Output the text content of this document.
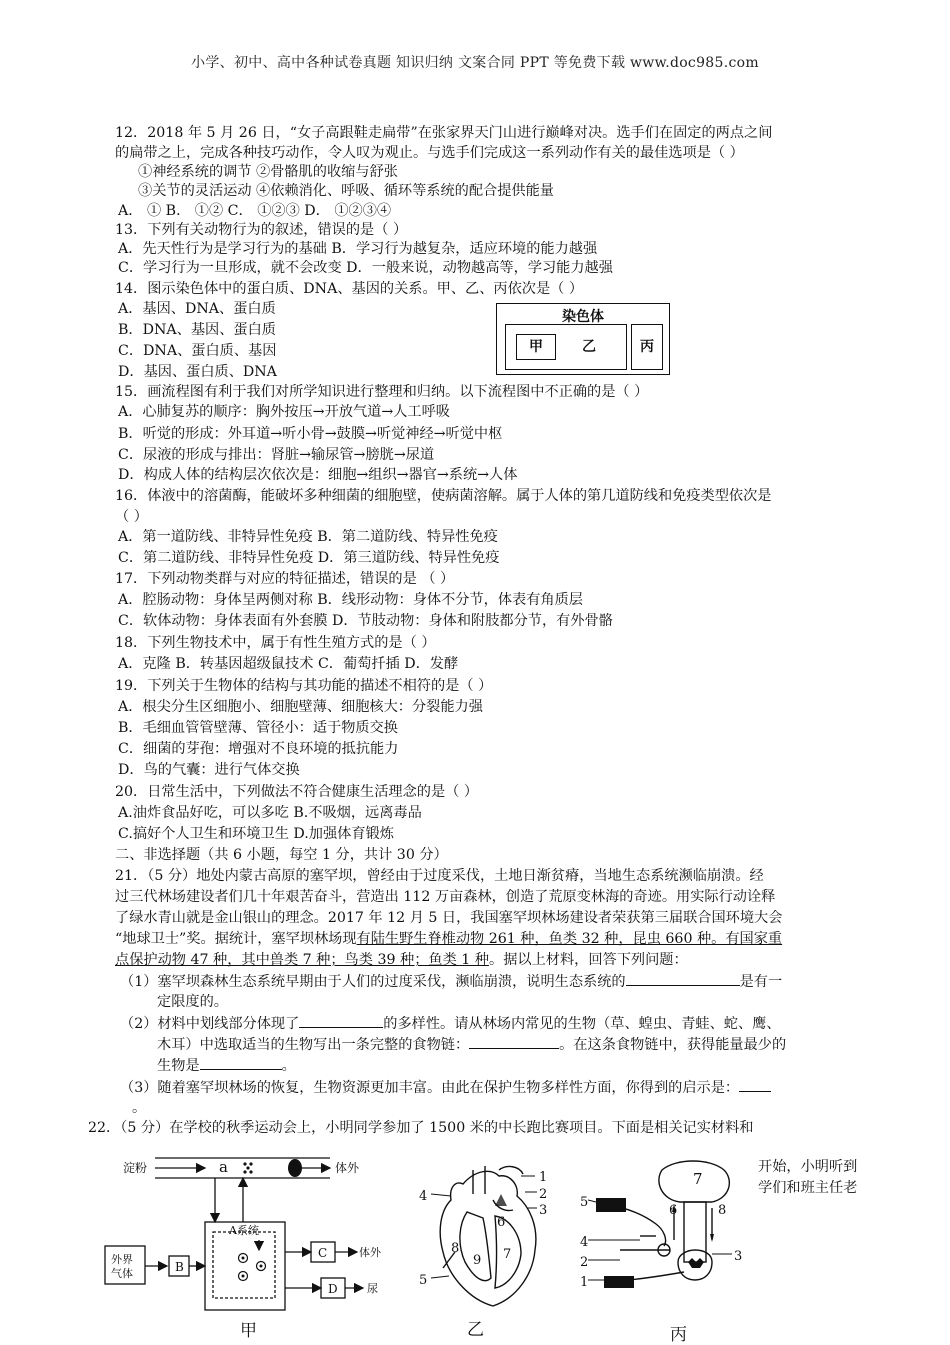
小学、初中、高中各种试卷真题 知识归纳 文案合同 PPT 等免费下载 www.doc985.com
12．2018 年 5 月 26 日，“女子高跟鞋走扁带”在张家界天门山进行巅峰对决。选手们在固定的两点之间
的扁带之上，完成各种技巧动作，令人叹为观止。与选手们完成这一系列动作有关的最佳选项是（ ）
①神经系统的调节 ②骨骼肌的收缩与舒张
③关节的灵活运动 ④依赖消化、呼吸、循环等系统的配合提供能量
A． ① B． ①② C． ①②③ D． ①②③④
13．下列有关动物行为的叙述，错误的是（ ）
A．先天性行为是学习行为的基础 B．学习行为越复杂，适应环境的能力越强
C．学习行为一旦形成，就不会改变 D．一般来说，动物越高等，学习能力越强
14．图示染色体中的蛋白质、DNA、基因的关系。甲、乙、丙依次是（ ）
A．基因、DNA、蛋白质
B．DNA、基因、蛋白质
C．DNA、蛋白质、基因
D．基因、蛋白质、DNA
染色体
甲	乙	丙
15．画流程图有利于我们对所学知识进行整理和归纳。以下流程图中不正确的是（ ）
A．心肺复苏的顺序：胸外按压→开放气道→人工呼吸
B．听觉的形成：外耳道→听小骨→鼓膜→听觉神经→听觉中枢
C．尿液的形成与排出：肾脏→输尿管→膀胱→尿道
D．构成人体的结构层次依次是：细胞→组织→器官→系统→人体
16．体液中的溶菌酶，能破坏多种细菌的细胞壁，使病菌溶解。属于人体的第几道防线和免疫类型依次是
（ ）
A．第一道防线、非特异性免疫 B．第二道防线、特异性免疫
C．第二道防线、非特异性免疫 D．第三道防线、特异性免疫
17．下列动物类群与对应的特征描述，错误的是 （ ）
A．腔肠动物：身体呈两侧对称 B．线形动物：身体不分节，体表有角质层
C．软体动物：身体表面有外套膜 D．节肢动物：身体和附肢都分节，有外骨骼
18．下列生物技术中，属于有性生殖方式的是（ ）
A．克隆 B．转基因超级鼠技术 C．葡萄扦插 D．发酵
19．下列关于生物体的结构与其功能的描述不相符的是（ ）
A．根尖分生区细胞小、细胞壁薄、细胞核大：分裂能力强
B．毛细血管管壁薄、管径小：适于物质交换
C．细菌的芽孢：增强对不良环境的抵抗能力
D．鸟的气囊：进行气体交换
20．日常生活中，下列做法不符合健康生活理念的是（ ）
A.油炸食品好吃，可以多吃 B.不吸烟，远离毒品
C.搞好个人卫生和环境卫生 D.加强体育锻炼
二、非选择题（共 6 小题，每空 1 分，共计 30 分）
21．（5 分）地处内蒙古高原的塞罕坝，曾经由于过度采伐，土地日渐贫瘠，当地生态系统濒临崩溃。经
过三代林场建设者们几十年艰苦奋斗，营造出 112 万亩森林，创造了荒原变林海的奇迹。用实际行动诠释
了绿水青山就是金山银山的理念。2017 年 12 月 5 日，我国塞罕坝林场建设者荣获第三届联合国环境大会
“地球卫士”奖。据统计，塞罕坝林场现有陆生野生脊椎动物 261 种，鱼类 32 种，昆虫 660 种。有国家重
点保护动物 47 种，其中兽类 7 种；鸟类 39 种；鱼类 1 种。据以上材料，回答下列问题：
（1）塞罕坝森林生态系统早期由于人们的过度采伐，濒临崩溃，说明生态系统的	是有一
定限度的。
（2）材料中划线部分体现了	的多样性。请从林场内常见的生物（草、蝗虫、青蛙、蛇、鹰、
木耳）中选取适当的生物写出一条完整的食物链：	。在这条食物链中，获得能量最少的
生物是	。
（3）随着塞罕坝林场的恢复，生物资源更加丰富。由此在保护生物多样性方面，你得到的启示是：
。
22．（5 分）在学校的秋季运动会上，小明同学参加了 1500 米的中长跑比赛项目。下面是相关记实材料和
开始，小明听到
学们和班主任老
淀粉	a	体外
A系统
外界
气体	B
C	体外
D	尿
甲
1
2
3
4
5
6
7
8
9
乙
7
6	8
5
4
3
2
1
丙
